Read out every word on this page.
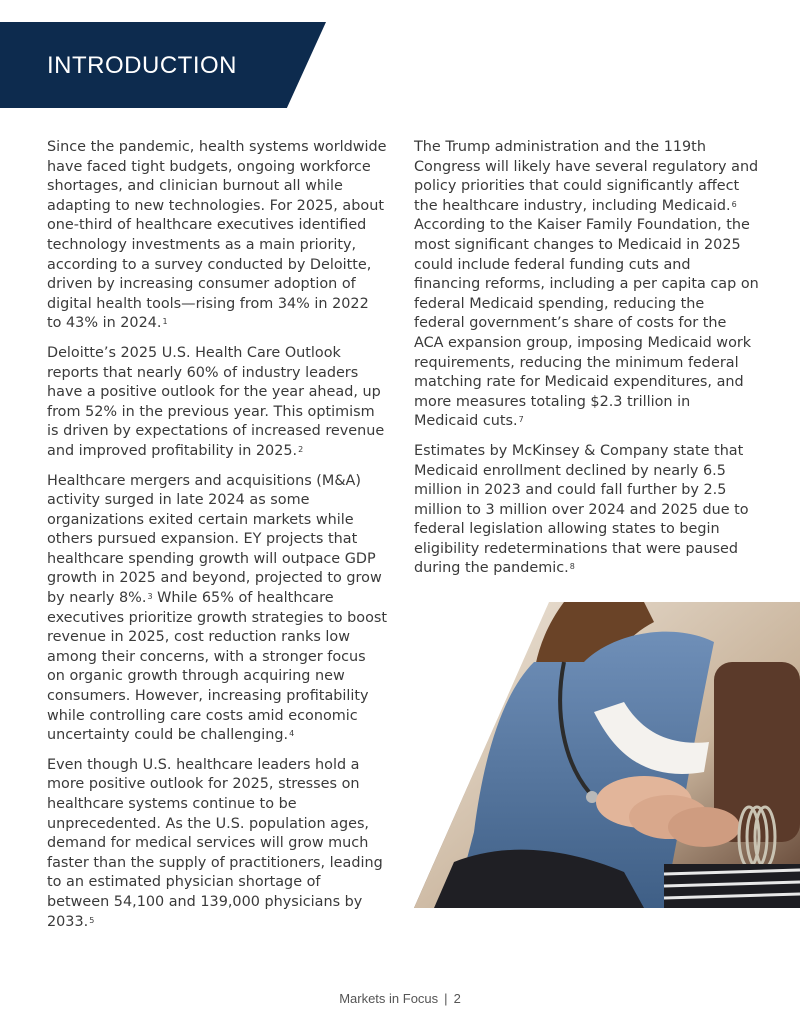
INTRODUCTION

Since the pandemic, health systems worldwide have faced tight budgets, ongoing workforce shortages, and clinician burnout all while adapting to new technologies. For 2025, about one-third of healthcare executives identified technology investments as a main priority, according to a survey conducted by Deloitte, driven by increasing consumer adoption of digital health tools—rising from 34% in 2022 to 43% in 2024.$^1$

Deloitte’s 2025 U.S. Health Care Outlook reports that nearly 60% of industry leaders have a positive outlook for the year ahead, up from 52% in the previous year. This optimism is driven by expectations of increased revenue and improved profitability in 2025.$^2$

Healthcare mergers and acquisitions (M&A) activity surged in late 2024 as some organizations exited certain markets while others pursued expansion. EY projects that healthcare spending growth will outpace GDP growth in 2025 and beyond, projected to grow by nearly 8%.$^3$ While 65% of healthcare executives prioritize growth strategies to boost revenue in 2025, cost reduction ranks low among their concerns, with a stronger focus on organic growth through acquiring new consumers. However, increasing profitability while controlling care costs amid economic uncertainty could be challenging.$^4$

Even though U.S. healthcare leaders hold a more positive outlook for 2025, stresses on healthcare systems continue to be unprecedented. As the U.S. population ages, demand for medical services will grow much faster than the supply of practitioners, leading to an estimated physician shortage of between 54,100 and 139,000 physicians by 2033.$^5$

The Trump administration and the 119th Congress will likely have several regulatory and policy priorities that could significantly affect the healthcare industry, including Medicaid.$^6$ According to the Kaiser Family Foundation, the most significant changes to Medicaid in 2025 could include federal funding cuts and financing reforms, including a per capita cap on federal Medicaid spending, reducing the federal government’s share of costs for the ACA expansion group, imposing Medicaid work requirements, reducing the minimum federal matching rate for Medicaid expenditures, and more measures totaling $2.3 trillion in Medicaid cuts.$^7$

Estimates by McKinsey & Company state that Medicaid enrollment declined by nearly 6.5 million in 2023 and could fall further by 2.5 million to 3 million over 2024 and 2025 due to federal legislation allowing states to begin eligibility redeterminations that were paused during the pandemic.$^8$

Markets in Focus | 2
